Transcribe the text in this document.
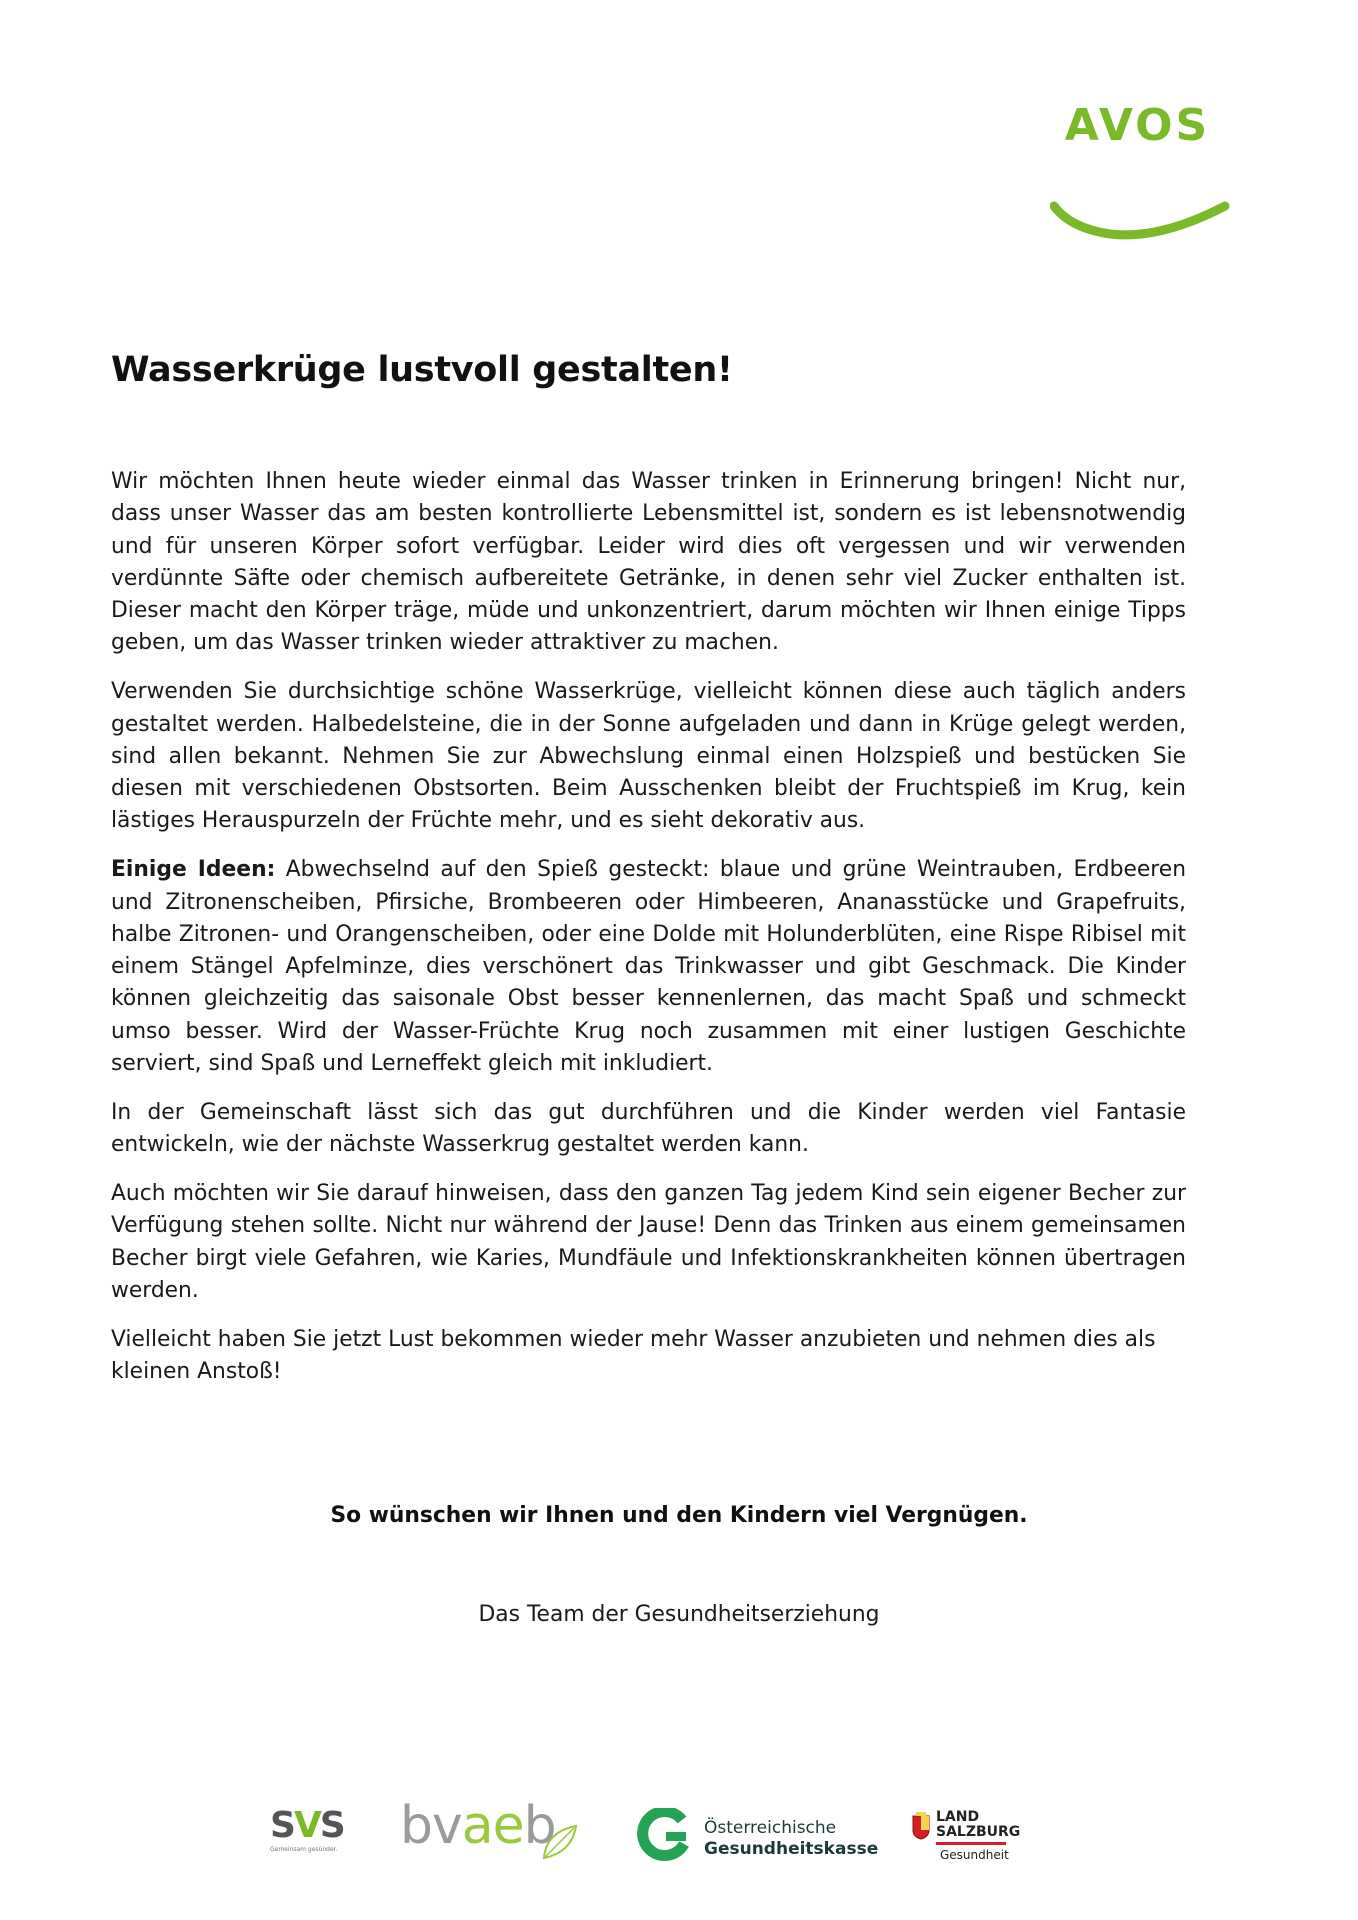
AVOS
Wasserkrüge lustvoll gestalten!

Wir möchten Ihnen heute wieder einmal das Wasser trinken in Erinnerung bringen! Nicht nur, dass unser Wasser das am besten kontrollierte Lebensmittel ist, sondern es ist lebensnotwendig und für unseren Körper sofort verfügbar. Leider wird dies oft vergessen und wir verwenden verdünnte Säfte oder chemisch aufbereitete Getränke, in denen sehr viel Zucker enthalten ist. Dieser macht den Körper träge, müde und unkonzentriert, darum möchten wir Ihnen einige Tipps geben, um das Wasser trinken wieder attraktiver zu machen.

Verwenden Sie durchsichtige schöne Wasserkrüge, vielleicht können diese auch täglich anders gestaltet werden. Halbedelsteine, die in der Sonne aufgeladen und dann in Krüge gelegt werden, sind allen bekannt. Nehmen Sie zur Abwechslung einmal einen Holzspieß und bestücken Sie diesen mit verschiedenen Obstsorten. Beim Ausschenken bleibt der Fruchtspieß im Krug, kein lästiges Herauspurzeln der Früchte mehr, und es sieht dekorativ aus.

Einige Ideen: Abwechselnd auf den Spieß gesteckt: blaue und grüne Weintrauben, Erdbeeren und Zitronenscheiben, Pfirsiche, Brombeeren oder Himbeeren, Ananasstücke und Grapefruits, halbe Zitronen- und Orangenscheiben, oder eine Dolde mit Holunderblüten, eine Rispe Ribisel mit einem Stängel Apfelminze, dies verschönert das Trinkwasser und gibt Geschmack. Die Kinder können gleichzeitig das saisonale Obst besser kennenlernen, das macht Spaß und schmeckt umso besser. Wird der Wasser-Früchte Krug noch zusammen mit einer lustigen Geschichte serviert, sind Spaß und Lerneffekt gleich mit inkludiert.

In der Gemeinschaft lässt sich das gut durchführen und die Kinder werden viel Fantasie entwickeln, wie der nächste Wasserkrug gestaltet werden kann.

Auch möchten wir Sie darauf hinweisen, dass den ganzen Tag jedem Kind sein eigener Becher zur Verfügung stehen sollte. Nicht nur während der Jause! Denn das Trinken aus einem gemeinsamen Becher birgt viele Gefahren, wie Karies, Mundfäule und Infektionskrankheiten können übertragen werden.

Vielleicht haben Sie jetzt Lust bekommen wieder mehr Wasser anzubieten und nehmen dies als kleinen Anstoß!

So wünschen wir Ihnen und den Kindern viel Vergnügen.
Das Team der Gesundheitserziehung
SVS
Gemeinsam gesünder. bvaeb	Österreichische
Gesundheitskasse
LAND
SALZBURG
Gesundheit
